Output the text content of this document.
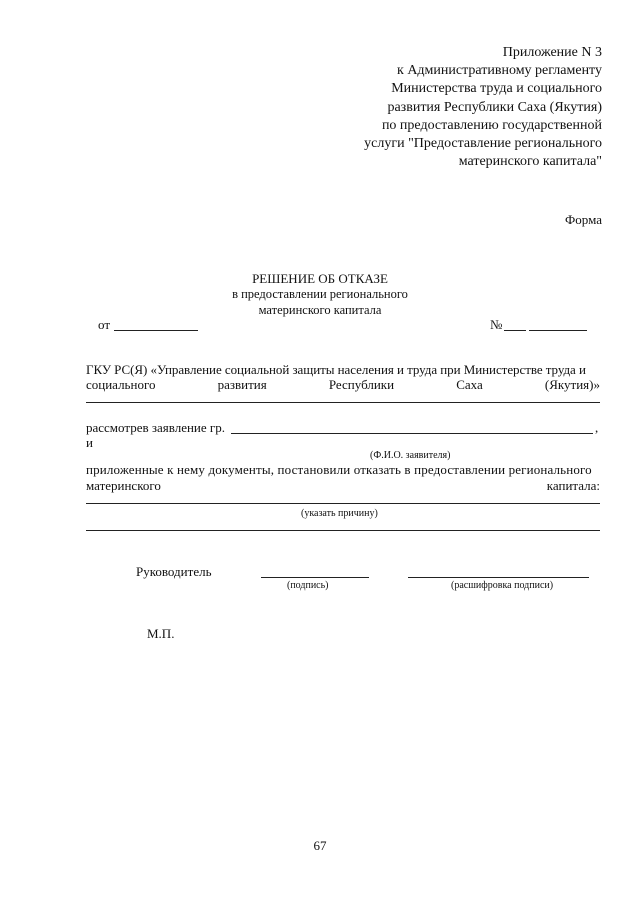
Приложение N 3
к Административному регламенту
Министерства труда и социального
развития Республики Саха (Якутия)
по предоставлению государственной
услуги "Предоставление регионального
материнского капитала"
Форма
РЕШЕНИЕ ОБ ОТКАЗЕ
в предоставлении регионального
материнского капитала
от	№
ГКУ РС(Я) «Управление социальной защиты населения и труда при Министерстве труда и
социального	развития	Республики	Саха	(Якутия)»
рассмотрев заявление гр.	,
и
(Ф.И.О. заявителя)
приложенные к нему документы, постановили отказать в предоставлении регионального
материнского	капитала:
(указать причину)
Руководитель
(подпись)	(расшифровка подписи)
М.П.
67
